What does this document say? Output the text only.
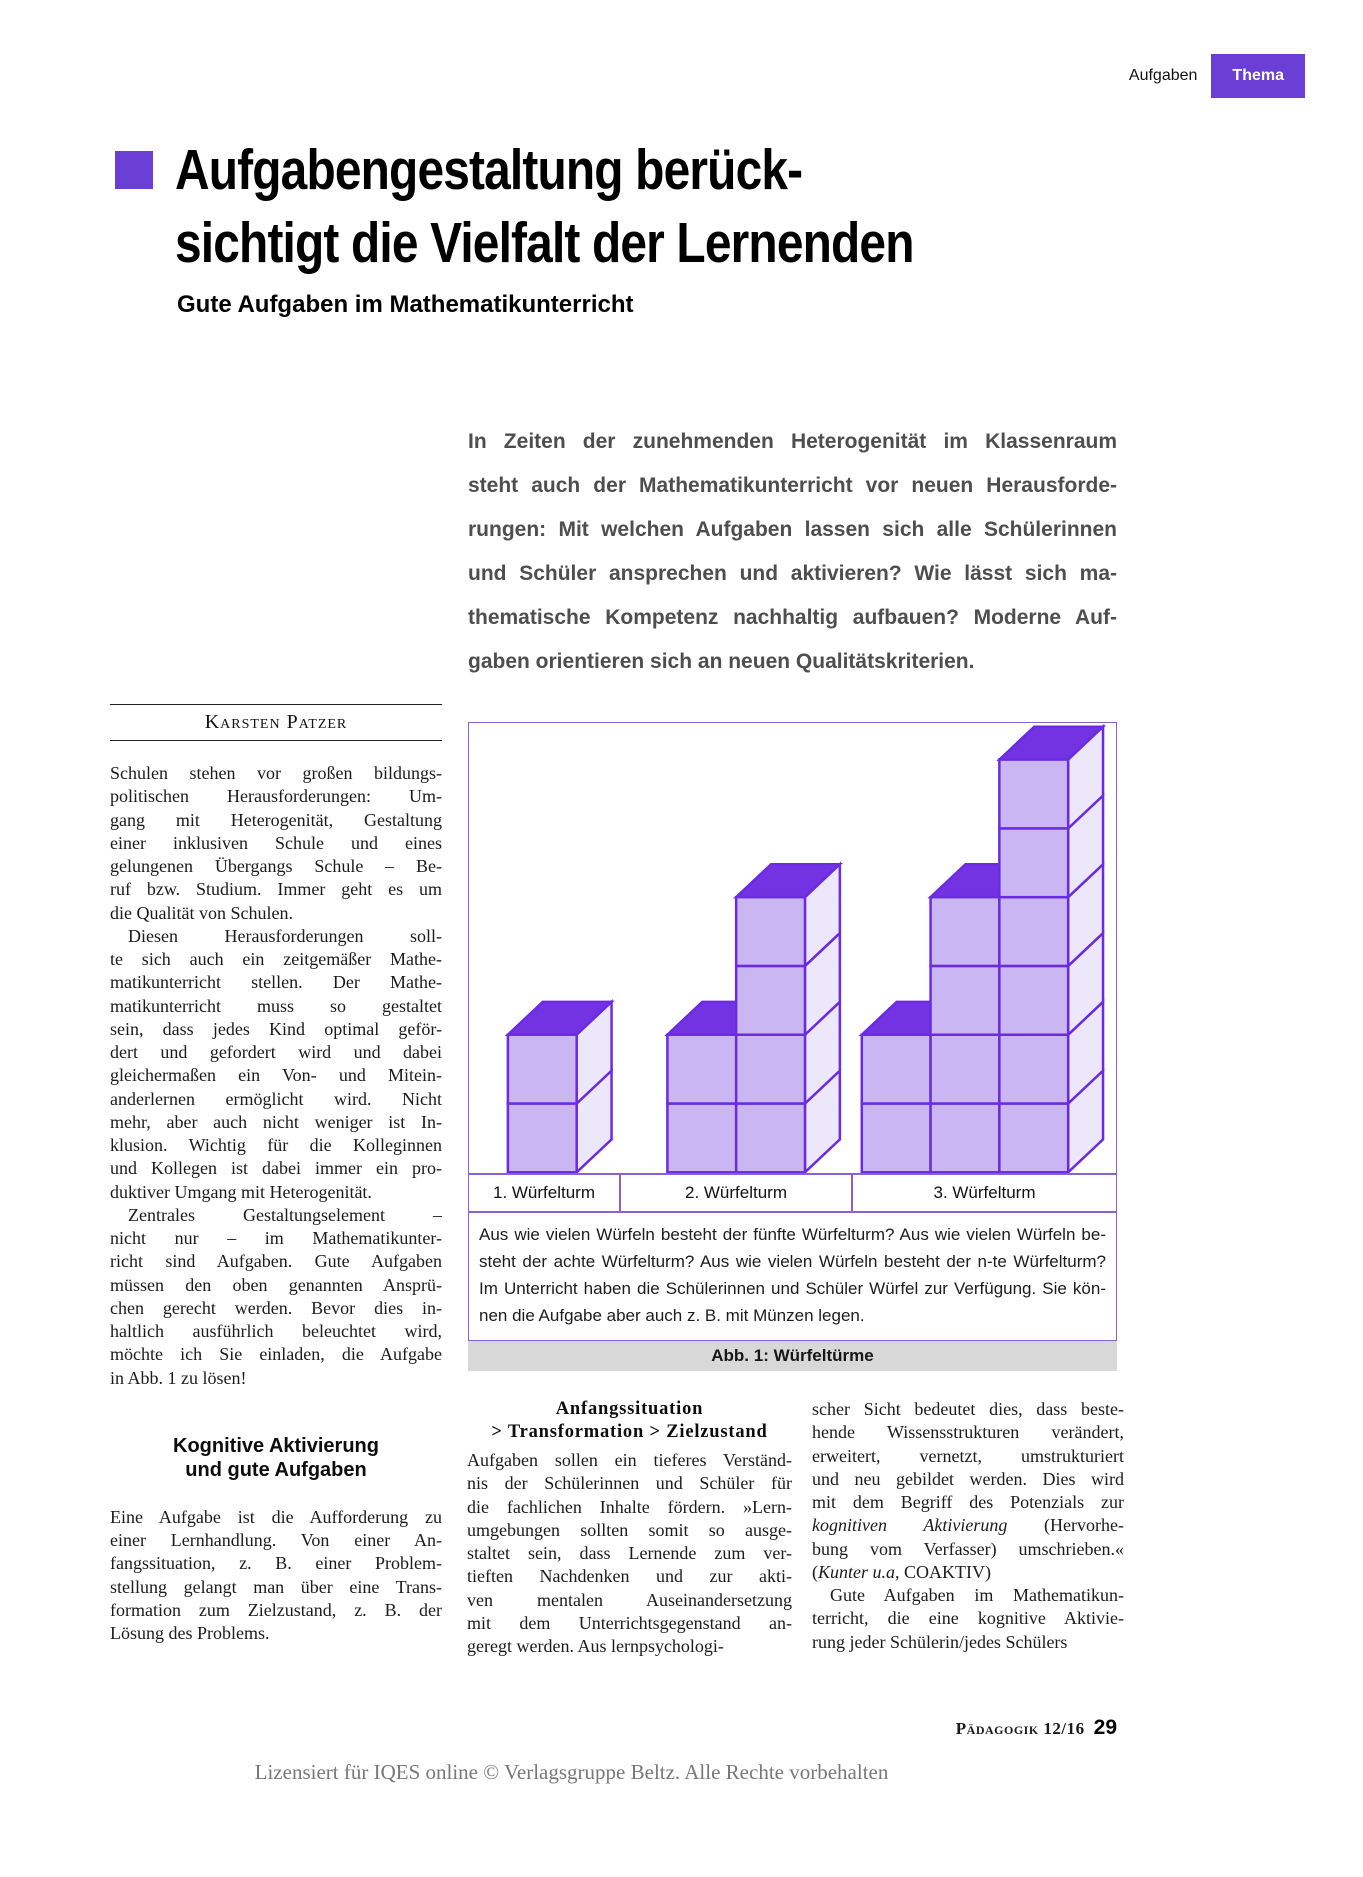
Aufgaben	Thema
Aufgabengestaltung berück-
sichtigt die Vielfalt der Lernenden
Gute Aufgaben im Mathematikunterricht
In Zeiten der zunehmenden Heterogenität im Klassenraum
steht auch der Mathematikunterricht vor neuen Herausforde-
rungen: Mit welchen Aufgaben lassen sich alle Schülerinnen
und Schüler ansprechen und aktivieren? Wie lässt sich ma-
thematische Kompetenz nachhaltig aufbauen? Moderne Auf-
gaben orientieren sich an neuen Qualitätskriterien.
Karsten Patzer
Schulen stehen vor großen bildungs-
politischen Herausforderungen: Um-
gang mit Heterogenität, Gestaltung
einer inklusiven Schule und eines
gelungenen Übergangs Schule – Be-
ruf bzw. Studium. Immer geht es um
die Qualität von Schulen.
 Diesen Herausforderungen soll-
te sich auch ein zeitgemäßer Mathe-
matikunterricht stellen. Der Mathe-
matikunterricht muss so gestaltet
sein, dass jedes Kind optimal geför-
dert und gefordert wird und dabei
gleichermaßen ein Von- und Mitein-
anderlernen ermöglicht wird. Nicht
mehr, aber auch nicht weniger ist In-
klusion. Wichtig für die Kolleginnen
und Kollegen ist dabei immer ein pro-
duktiver Umgang mit Heterogenität.
 Zentrales Gestaltungselement –
nicht nur – im Mathematikunter-
richt sind Aufgaben. Gute Aufgaben
müssen den oben genannten Ansprü-
chen gerecht werden. Bevor dies in-
haltlich ausführlich beleuchtet wird,
möchte ich Sie einladen, die Aufgabe
in Abb. 1 zu lösen!
Kognitive Aktivierung
und gute Aufgaben
Eine Aufgabe ist die Aufforderung zu
einer Lernhandlung. Von einer An-
fangssituation, z. B. einer Problem-
stellung gelangt man über eine Trans-
formation zum Zielzustand, z. B. der
Lösung des Problems.
1. Würfelturm	2. Würfelturm	3. Würfelturm
Aus wie vielen Würfeln besteht der fünfte Würfelturm? Aus wie vielen Würfeln be-
steht der achte Würfelturm? Aus wie vielen Würfeln besteht der n-te Würfelturm?
Im Unterricht haben die Schülerinnen und Schüler Würfel zur Verfügung. Sie kön-
nen die Aufgabe aber auch z. B. mit Münzen legen.
Abb. 1: Würfeltürme
Anfangssituation
> Transformation > Zielzustand
Aufgaben sollen ein tieferes Verständ-
nis der Schülerinnen und Schüler für
die fachlichen Inhalte fördern. »Lern-
umgebungen sollten somit so ausge-
staltet sein, dass Lernende zum ver-
tieften Nachdenken und zur akti-
ven mentalen Auseinandersetzung
mit dem Unterrichtsgegenstand an-
geregt werden. Aus lernpsychologi-
scher Sicht bedeutet dies, dass beste-
hende Wissensstrukturen verändert,
erweitert, vernetzt, umstrukturiert
und neu gebildet werden. Dies wird
mit dem Begriff des Potenzials zur
kognitiven Aktivierung (Hervorhe-
bung vom Verfasser) umschrieben.«
(Kunter u.a, COAKTIV)
 Gute Aufgaben im Mathematikun-
terricht, die eine kognitive Aktivie-
rung jeder Schülerin/jedes Schülers
Pädagogik 12/16 29
Lizensiert für IQES online © Verlagsgruppe Beltz. Alle Rechte vorbehalten
